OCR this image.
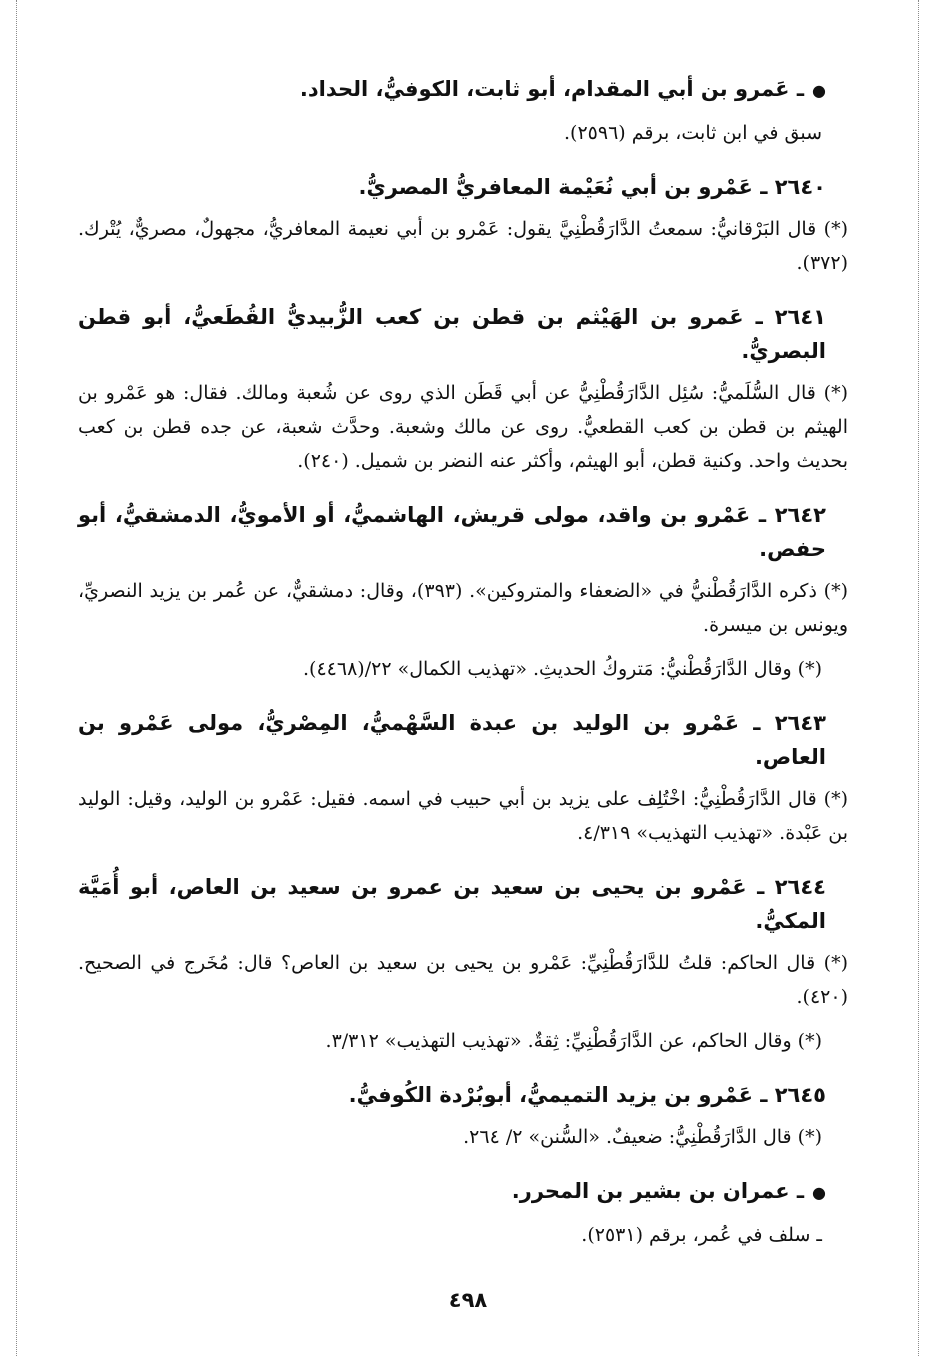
● ـ عَمرو بن أبي المقدام، أبو ثابت، الكوفيُّ، الحداد.

سبق في ابن ثابت، برقم (٢٥٩٦).

٢٦٤٠ ـ عَمْرو بن أبي نُعَيْمة المعافريُّ المصريُّ.

(*) قال البَرْقانيُّ: سمعتُ الدَّارَقُطْنِيَّ يقول: عَمْرو بن أبي نعيمة المعافريُّ، مجهولٌ، مصريٌّ، يُتْرك. (٣٧٢).

٢٦٤١ ـ عَمرو بن الهَيْثم بن قطن بن كعب الزُّبيديُّ القُطَعيُّ، أبو قطن البصريُّ.

(*) قال السُّلَميُّ: سُئِل الدَّارَقُطْنِيُّ عن أبي قَطَن الذي روى عن شُعبة ومالك. فقال: هو عَمْرو بن الهيثم بن قطن بن كعب القطعيُّ. روى عن مالك وشعبة. وحدَّث شعبة، عن جده قطن بن كعب بحديث واحد. وكنية قطن، أبو الهيثم، وأكثر عنه النضر بن شميل. (٢٤٠).

٢٦٤٢ ـ عَمْرو بن واقد، مولى قريش، الهاشميُّ، أو الأمويُّ، الدمشقيُّ، أبو حفص.

(*) ذكره الدَّارَقُطْنيُّ في «الضعفاء والمتروكين». (٣٩٣)، وقال: دمشقيٌّ، عن عُمر بن يزيد النصريِّ، ويونس بن ميسرة.

(*) وقال الدَّارَقُطْنيُّ: مَتروكُ الحديثِ. «تهذيب الكمال» ٢٢/(٤٤٦٨).

٢٦٤٣ ـ عَمْرو بن الوليد بن عبدة السَّهْميُّ، المِصْريُّ، مولى عَمْرو بن العاص.

(*) قال الدَّارَقُطْنِيُّ: اخْتُلِف على يزيد بن أبي حبيب في اسمه. فقيل: عَمْرو بن الوليد، وقيل: الوليد بن عَبْدة. «تهذيب التهذيب» ٤/٣١٩.

٢٦٤٤ ـ عَمْرو بن يحيى بن سعيد بن عمرو بن سعيد بن العاص، أبو أُمَيَّة المكيُّ.

(*) قال الحاكم: قلتُ للدَّارَقُطْنِيِّ: عَمْرو بن يحيى بن سعيد بن العاص؟ قال: مُخَرج في الصحيح. (٤٢٠).

(*) وقال الحاكم، عن الدَّارَقُطْنِيِّ: ثِقةٌ. «تهذيب التهذيب» ٣/٣١٢.

٢٦٤٥ ـ عَمْرو بن يزيد التميميُّ، أبوبُرْدة الكُوفيُّ.

(*) قال الدَّارَقُطْنِيُّ: ضعيفٌ. «السُّنن» ٢/ ٢٦٤.

● ـ عمران بن بشير بن المحرر.

ـ سلف في عُمر، برقم (٢٥٣١).

٤٩٨
